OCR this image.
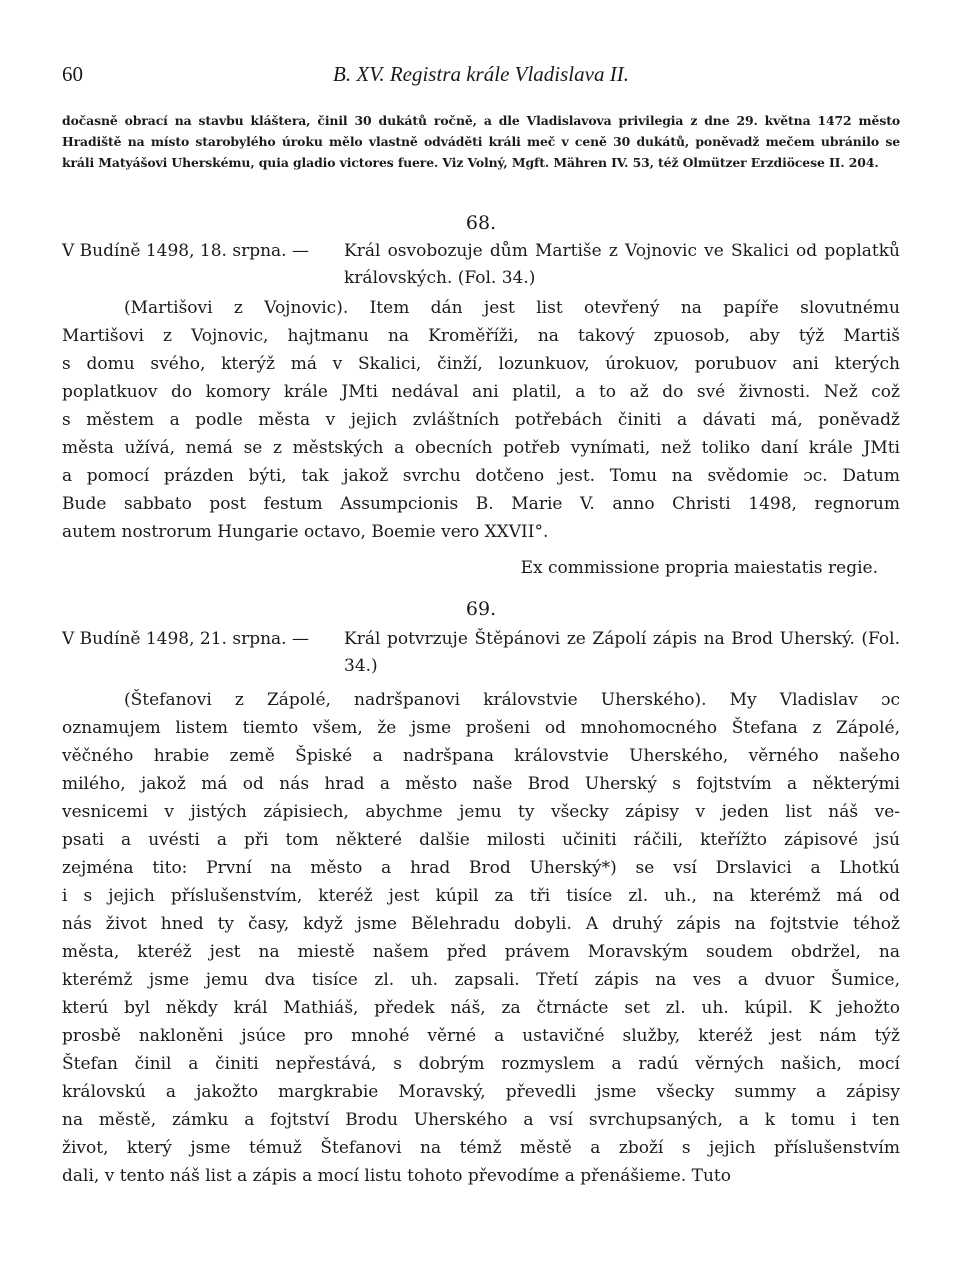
60	B. XV. Registra krále Vladislava II.
dočasně obrací na stavbu kláštera, činil 30 dukátů ročně, a dle Vladislavova privilegia z dne 29. května 1472 město Hradiště na místo starobylého úroku mělo vlastně odváděti králi meč v ceně 30 dukátů, poněvadž mečem ubránilo se králi Matyášovi Uherskému, quia gladio victores fuere. Viz Volný, Mgft. Mähren IV. 53, též Olmützer Erzdiöcese II. 204.
68.
V Budíně 1498, 18. srpna. — Král osvobozuje dům Martiše z Vojnovic ve Skalici od poplatků královských. (Fol. 34.)
(Martišovi z Vojnovic). Item dán jest list otevřený na papíře slovutnému
Martišovi z Vojnovic, hajtmanu na Kroměříži, na takový zpuosob, aby týž Martiš
s domu svého, kterýž má v Skalici, činží, lozunkuov, úrokuov, porubuov ani kterých
poplatkuov do komory krále JMti nedával ani platil, a to až do své živnosti. Než což
s městem a podle města v jejich zvláštních potřebách činiti a dávati má, poněvadž
města užívá, nemá se z městských a obecních potřeb vynímati, než toliko daní krále JMti
a pomocí prázden býti, tak jakož svrchu dotčeno jest. Tomu na svědomie ɔc. Datum
Bude sabbato post festum Assumpcionis B. Marie V. anno Christi 1498, regnorum
autem nostrorum Hungarie octavo, Boemie vero XXVII°.
Ex commissione propria maiestatis regie.
69.
V Budíně 1498, 21. srpna. — Král potvrzuje Štěpánovi ze Zápolí zápis na Brod Uherský. (Fol. 34.)
(Štefanovi z Zápolé, nadršpanovi královstvie Uherského). My Vladislav ɔc
oznamujem listem tiemto všem, že jsme prošeni od mnohomocného Štefana z Zápolé,
věčného hrabie země Špiské a nadršpana královstvie Uherského, věrného našeho
milého, jakož má od nás hrad a město naše Brod Uherský s fojtstvím a některými
vesnicemi v jistých zápisiech, abychme jemu ty všecky zápisy v jeden list náš ve-
psati a uvésti a při tom některé dalšie milosti učiniti ráčili, kteřížto zápisové jsú
zejména tito: První na město a hrad Brod Uherský*) se vsí Drslavici a Lhotkú
i s jejich příslušenstvím, kteréž jest kúpil za tři tisíce zl. uh., na kterémž má od
nás život hned ty časy, když jsme Bělehradu dobyli. A druhý zápis na fojtstvie téhož
města, kteréž jest na miestě našem před právem Moravským soudem obdržel, na
kterémž jsme jemu dva tisíce zl. uh. zapsali. Třetí zápis na ves a dvuor Šumice,
kterú byl někdy král Mathiáš, předek náš, za čtrnácte set zl. uh. kúpil. K jehožto
prosbě nakloněni jsúce pro mnohé věrné a ustavičné služby, kteréž jest nám týž
Štefan činil a činiti nepřestává, s dobrým rozmyslem a radú věrných našich, mocí
královskú a jakožto margkrabie Moravský, převedli jsme všecky summy a zápisy
na městě, zámku a fojtství Brodu Uherského a vsí svrchupsaných, a k tomu i ten
život, který jsme témuž Štefanovi na témž městě a zboží s jejich příslušenstvím
dali, v tento náš list a zápis a mocí listu tohoto převodíme a přenášieme. Tuto
